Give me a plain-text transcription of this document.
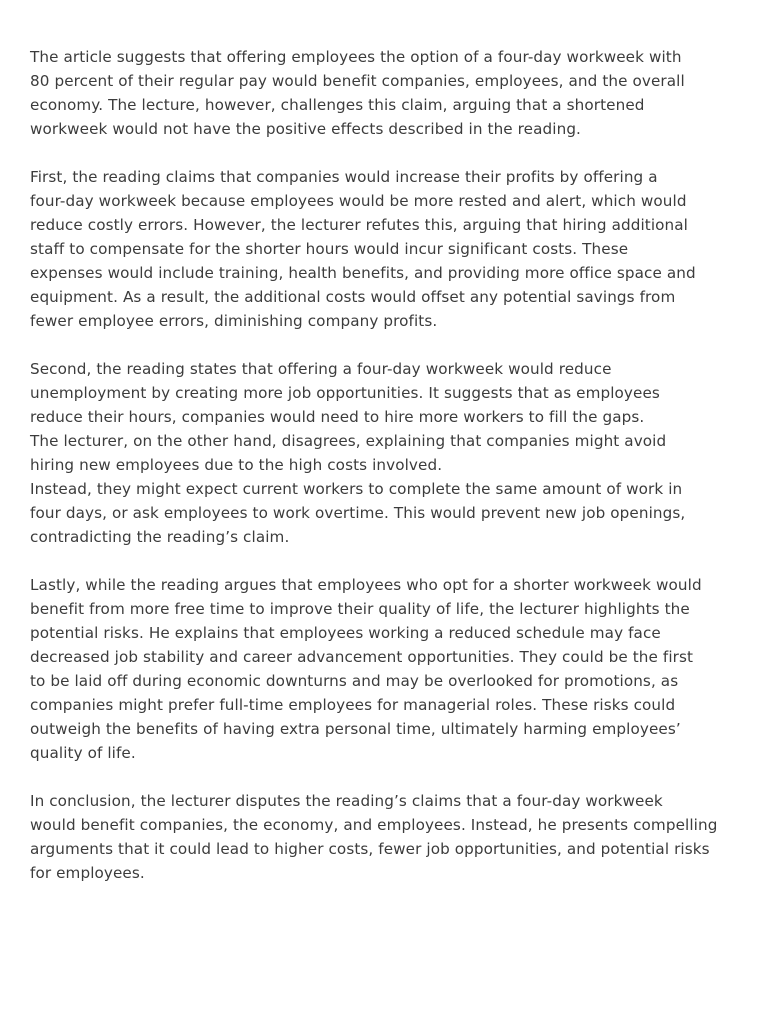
The article suggests that offering employees the option of a four-day workweek with
80 percent of their regular pay would benefit companies, employees, and the overall
economy. The lecture, however, challenges this claim, arguing that a shortened
workweek would not have the positive effects described in the reading.
First, the reading claims that companies would increase their profits by offering a
four-day workweek because employees would be more rested and alert, which would
reduce costly errors. However, the lecturer refutes this, arguing that hiring additional
staff to compensate for the shorter hours would incur significant costs. These
expenses would include training, health benefits, and providing more office space and
equipment. As a result, the additional costs would offset any potential savings from
fewer employee errors, diminishing company profits.
Second, the reading states that offering a four-day workweek would reduce
unemployment by creating more job opportunities. It suggests that as employees
reduce their hours, companies would need to hire more workers to fill the gaps.
The lecturer, on the other hand, disagrees, explaining that companies might avoid
hiring new employees due to the high costs involved.
Instead, they might expect current workers to complete the same amount of work in
four days, or ask employees to work overtime. This would prevent new job openings,
contradicting the reading’s claim.
Lastly, while the reading argues that employees who opt for a shorter workweek would
benefit from more free time to improve their quality of life, the lecturer highlights the
potential risks. He explains that employees working a reduced schedule may face
decreased job stability and career advancement opportunities. They could be the first
to be laid off during economic downturns and may be overlooked for promotions, as
companies might prefer full-time employees for managerial roles. These risks could
outweigh the benefits of having extra personal time, ultimately harming employees’
quality of life.
In conclusion, the lecturer disputes the reading’s claims that a four-day workweek
would benefit companies, the economy, and employees. Instead, he presents compelling
arguments that it could lead to higher costs, fewer job opportunities, and potential risks
for employees.
